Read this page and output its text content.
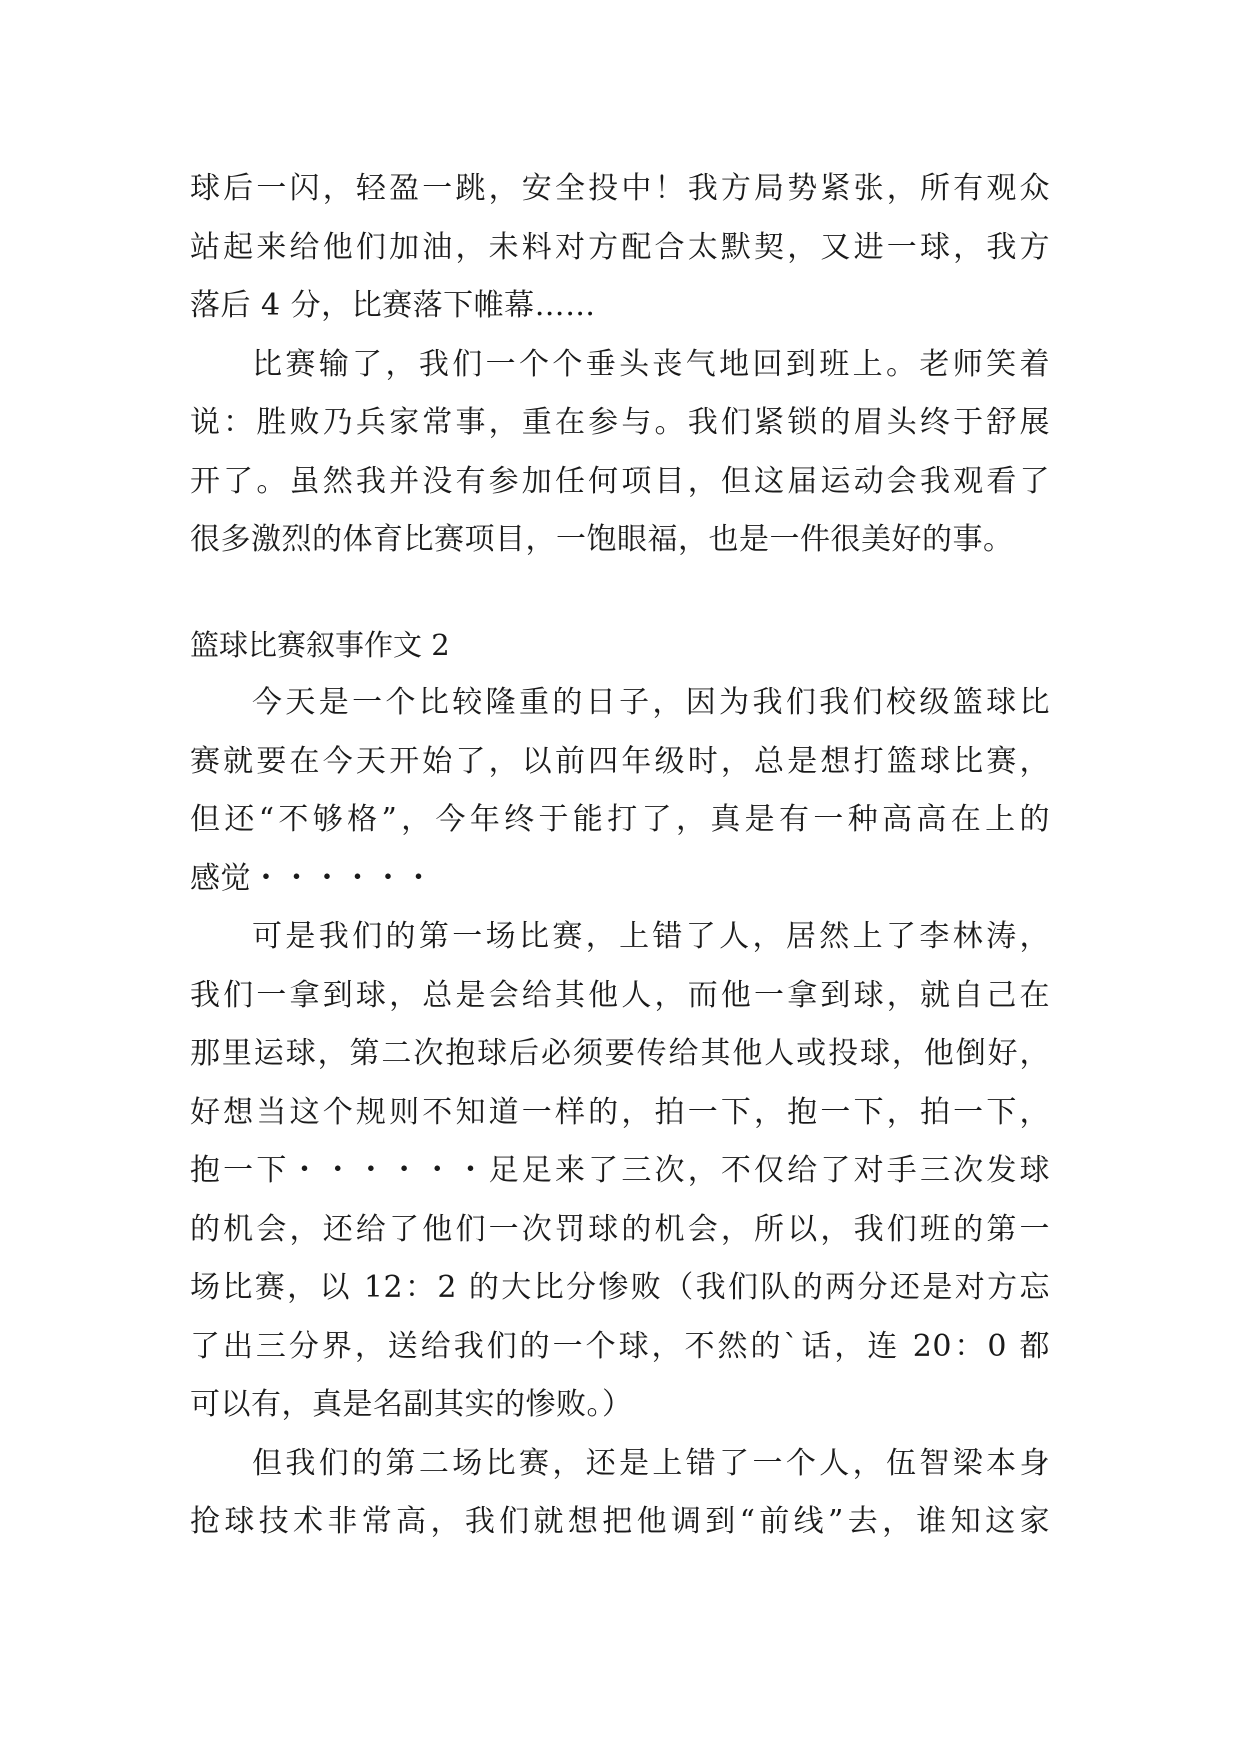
球后一闪，轻盈一跳，安全投中！我方局势紧张，所有观众
站起来给他们加油，未料对方配合太默契，又进一球，我方
落后 4 分，比赛落下帷幕……
比赛输了，我们一个个垂头丧气地回到班上。老师笑着
说：胜败乃兵家常事，重在参与。我们紧锁的眉头终于舒展
开了。虽然我并没有参加任何项目，但这届运动会我观看了
很多激烈的体育比赛项目，一饱眼福，也是一件很美好的事。
篮球比赛叙事作文 2
今天是一个比较隆重的日子，因为我们我们校级篮球比
赛就要在今天开始了，以前四年级时，总是想打篮球比赛，
但还“不够格”，今年终于能打了，真是有一种高高在上的
感觉・・・・・・
可是我们的第一场比赛，上错了人，居然上了李林涛，
我们一拿到球，总是会给其他人，而他一拿到球，就自己在
那里运球，第二次抱球后必须要传给其他人或投球，他倒好，
好想当这个规则不知道一样的，拍一下，抱一下，拍一下，
抱一下・・・・・・足足来了三次，不仅给了对手三次发球
的机会，还给了他们一次罚球的机会，所以，我们班的第一
场比赛，以 12：2 的大比分惨败（我们队的两分还是对方忘
了出三分界，送给我们的一个球，不然的`话，连 20：0 都
可以有，真是名副其实的惨败。）
但我们的第二场比赛，还是上错了一个人，伍智梁本身
抢球技术非常高，我们就想把他调到“前线”去，谁知这家
